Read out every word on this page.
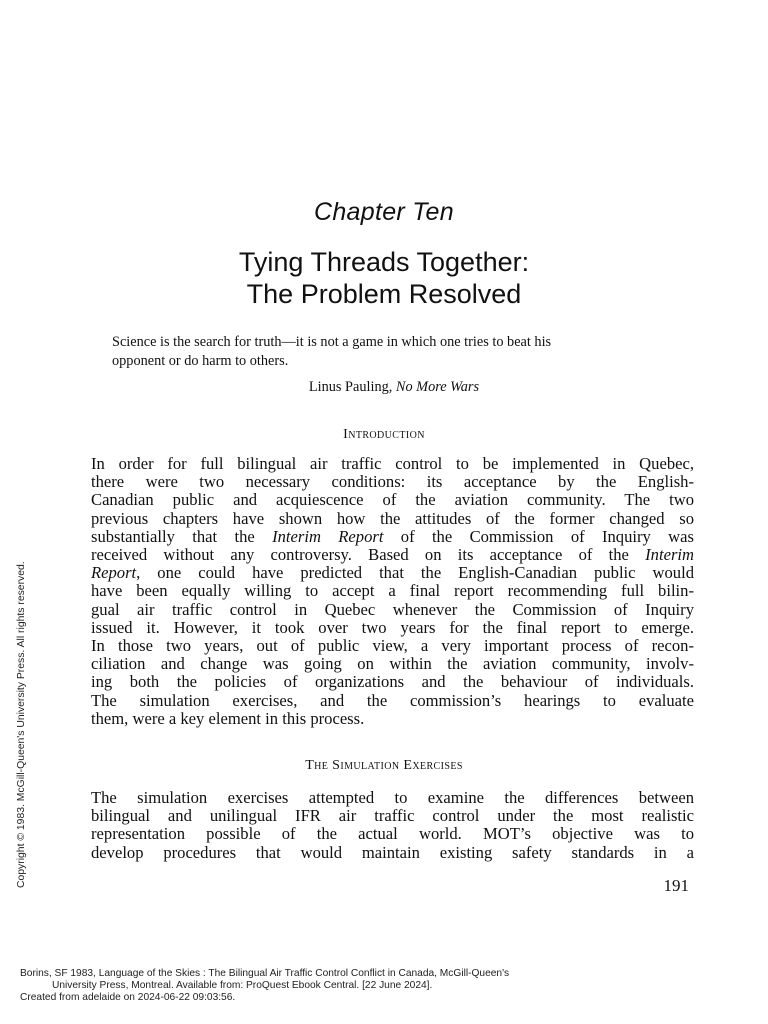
Chapter Ten
Tying Threads Together:
The Problem Resolved
Science is the search for truth—it is not a game in which one tries to beat his
opponent or do harm to others.
Linus Pauling, No More Wars
Introduction
In order for full bilingual air traffic control to be implemented in Quebec,
there were two necessary conditions: its acceptance by the English-
Canadian public and acquiescence of the aviation community. The two
previous chapters have shown how the attitudes of the former changed so
substantially that the Interim Report of the Commission of Inquiry was
received without any controversy. Based on its acceptance of the Interim
Report, one could have predicted that the English-Canadian public would
have been equally willing to accept a final report recommending full bilin-
gual air traffic control in Quebec whenever the Commission of Inquiry
issued it. However, it took over two years for the final report to emerge.
In those two years, out of public view, a very important process of recon-
ciliation and change was going on within the aviation community, involv-
ing both the policies of organizations and the behaviour of individuals.
The simulation exercises, and the commission’s hearings to evaluate
them, were a key element in this process.
The Simulation Exercises
The simulation exercises attempted to examine the differences between
bilingual and unilingual IFR air traffic control under the most realistic
representation possible of the actual world. MOT’s objective was to
develop procedures that would maintain existing safety standards in a
191
Copyright © 1983. McGill-Queen's University Press. All rights reserved.
Borins, SF 1983, Language of the Skies : The Bilingual Air Traffic Control Conflict in Canada, McGill-Queen's
University Press, Montreal. Available from: ProQuest Ebook Central. [22 June 2024].
Created from adelaide on 2024-06-22 09:03:56.
